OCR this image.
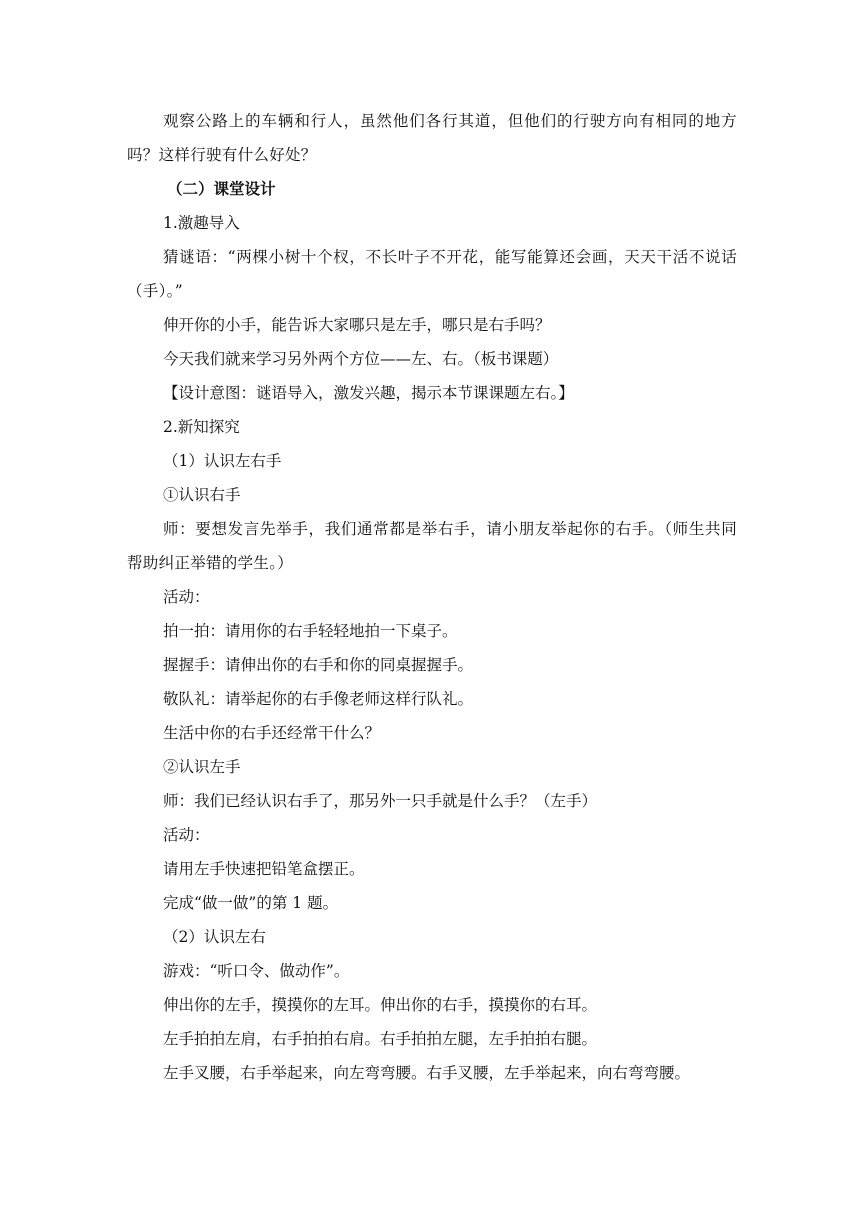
观察公路上的车辆和行人，虽然他们各行其道，但他们的行驶方向有相同的地方吗？这样行驶有什么好处？

（二）课堂设计

1.激趣导入

猜谜语：“两棵小树十个杈，不长叶子不开花，能写能算还会画，天天干活不说话（手）。”

伸开你的小手，能告诉大家哪只是左手，哪只是右手吗？

今天我们就来学习另外两个方位——左、右。（板书课题）

【设计意图：谜语导入，激发兴趣，揭示本节课课题左右。】

2.新知探究

（1）认识左右手

①认识右手

师：要想发言先举手，我们通常都是举右手，请小朋友举起你的右手。（师生共同帮助纠正举错的学生。）

活动：

拍一拍：请用你的右手轻轻地拍一下桌子。

握握手：请伸出你的右手和你的同桌握握手。

敬队礼：请举起你的右手像老师这样行队礼。

生活中你的右手还经常干什么？

②认识左手

师：我们已经认识右手了，那另外一只手就是什么手？（左手）

活动：

请用左手快速把铅笔盒摆正。

完成“做一做”的第 1 题。

（2）认识左右

游戏：“听口令、做动作”。

伸出你的左手，摸摸你的左耳。伸出你的右手，摸摸你的右耳。

左手拍拍左肩，右手拍拍右肩。右手拍拍左腿，左手拍拍右腿。

左手叉腰，右手举起来，向左弯弯腰。右手叉腰，左手举起来，向右弯弯腰。
